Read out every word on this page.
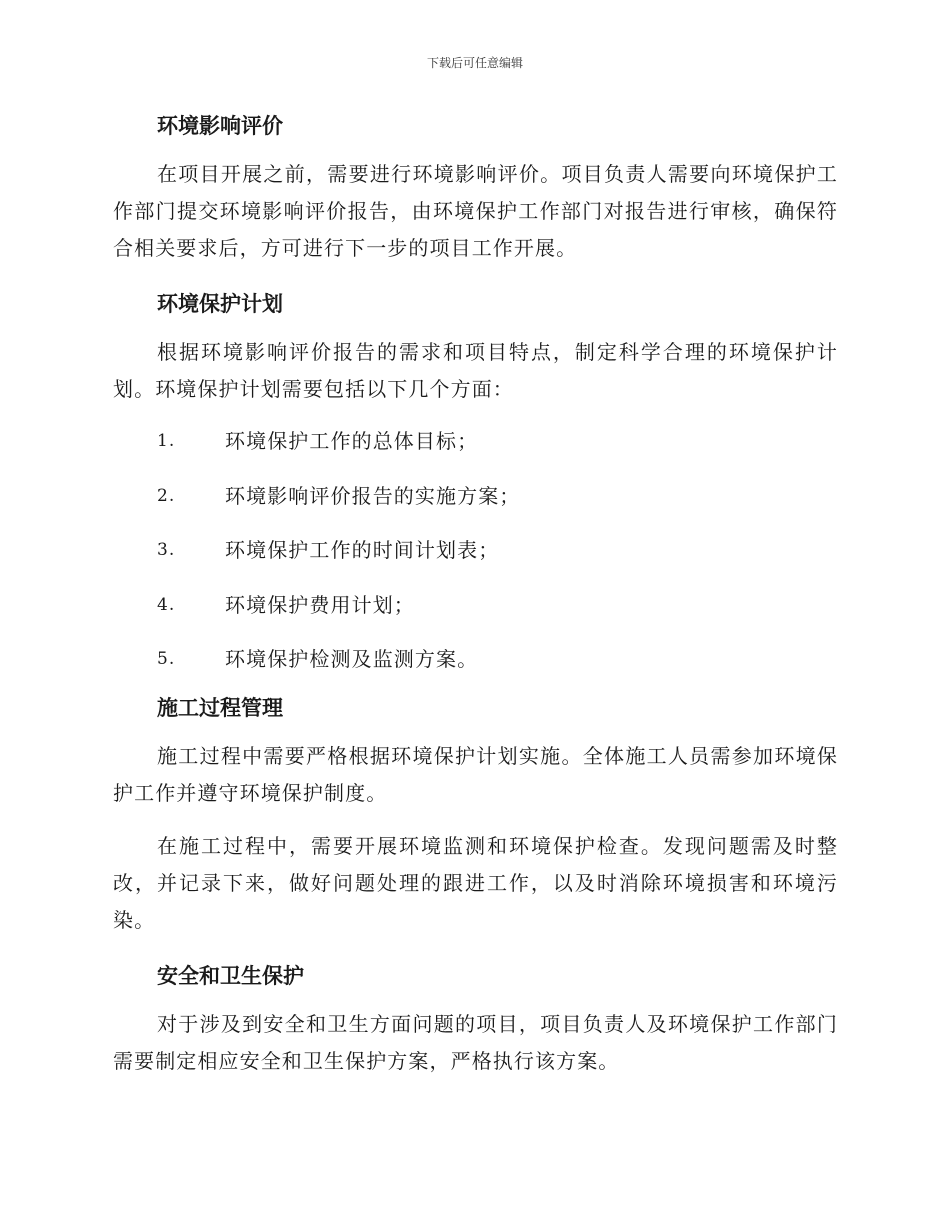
下载后可任意编辑
环境影响评价

在项目开展之前，需要进行环境影响评价。项目负责人需要向环境保护工作部门提交环境影响评价报告，由环境保护工作部门对报告进行审核，确保符合相关要求后，方可进行下一步的项目工作开展。

环境保护计划

根据环境影响评价报告的需求和项目特点，制定科学合理的环境保护计划。环境保护计划需要包括以下几个方面：

1. 环境保护工作的总体目标；
2. 环境影响评价报告的实施方案；
3. 环境保护工作的时间计划表；
4. 环境保护费用计划；
5. 环境保护检测及监测方案。
施工过程管理

施工过程中需要严格根据环境保护计划实施。全体施工人员需参加环境保护工作并遵守环境保护制度。

在施工过程中，需要开展环境监测和环境保护检查。发现问题需及时整改，并记录下来，做好问题处理的跟进工作，以及时消除环境损害和环境污染。

安全和卫生保护

对于涉及到安全和卫生方面问题的项目，项目负责人及环境保护工作部门需要制定相应安全和卫生保护方案，严格执行该方案。
